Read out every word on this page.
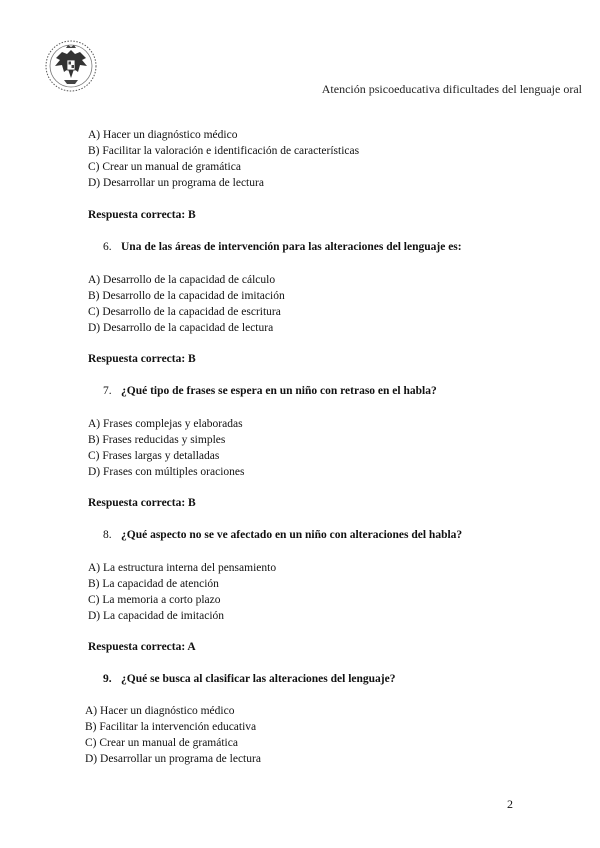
Atención psicoeducativa dificultades del lenguaje oral
A) Hacer un diagnóstico médico
B) Facilitar la valoración e identificación de características
C) Crear un manual de gramática
D) Desarrollar un programa de lectura
Respuesta correcta: B
6. Una de las áreas de intervención para las alteraciones del lenguaje es:
A) Desarrollo de la capacidad de cálculo
B) Desarrollo de la capacidad de imitación
C) Desarrollo de la capacidad de escritura
D) Desarrollo de la capacidad de lectura
Respuesta correcta: B
7. ¿Qué tipo de frases se espera en un niño con retraso en el habla?
A) Frases complejas y elaboradas
B) Frases reducidas y simples
C) Frases largas y detalladas
D) Frases con múltiples oraciones
Respuesta correcta: B
8. ¿Qué aspecto no se ve afectado en un niño con alteraciones del habla?
A) La estructura interna del pensamiento
B) La capacidad de atención
C) La memoria a corto plazo
D) La capacidad de imitación
Respuesta correcta: A
9. ¿Qué se busca al clasificar las alteraciones del lenguaje?
A) Hacer un diagnóstico médico
B) Facilitar la intervención educativa
C) Crear un manual de gramática
D) Desarrollar un programa de lectura
2
